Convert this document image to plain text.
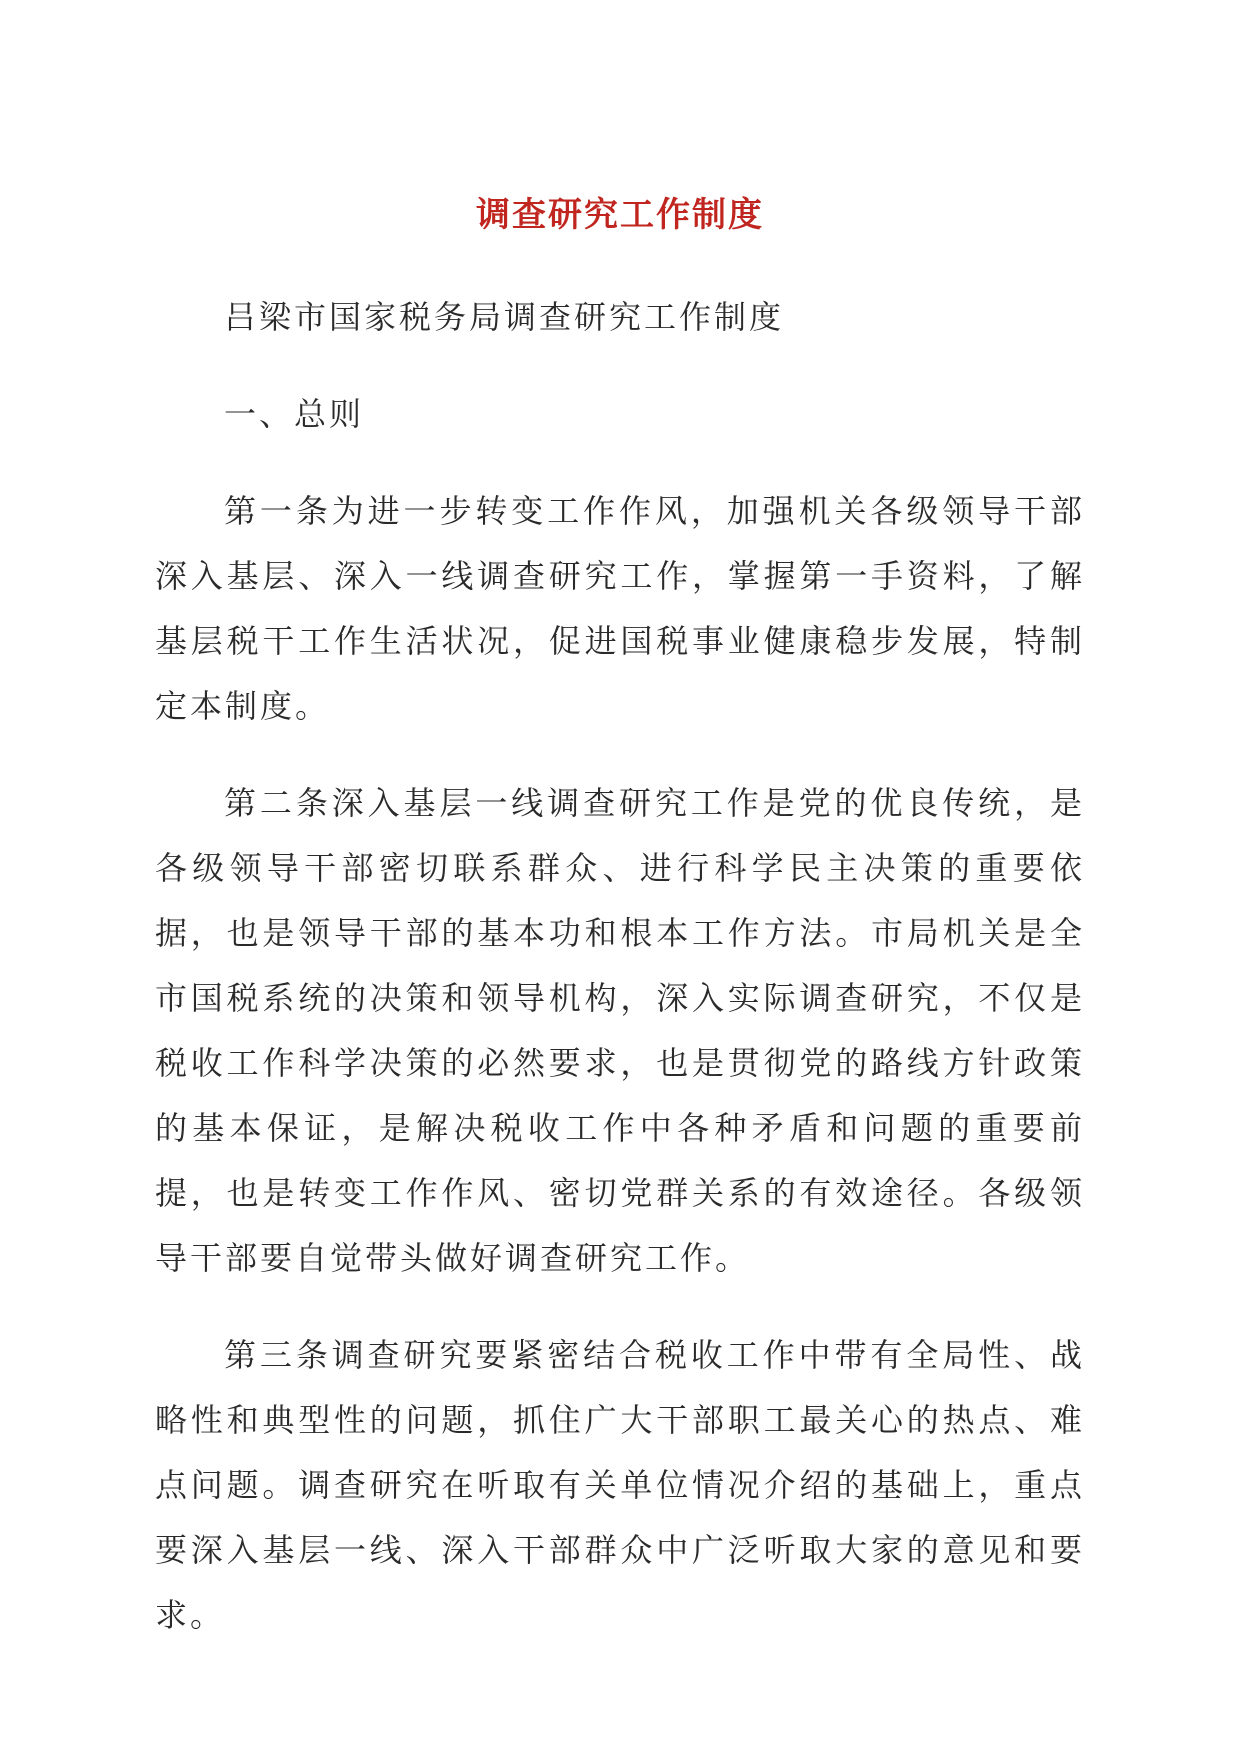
调查研究工作制度

吕梁市国家税务局调查研究工作制度

一、总则

第一条为进一步转变工作作风，加强机关各级领导干部深入基层、深入一线调查研究工作，掌握第一手资料，了解基层税干工作生活状况，促进国税事业健康稳步发展，特制定本制度。

第二条深入基层一线调查研究工作是党的优良传统，是各级领导干部密切联系群众、进行科学民主决策的重要依据，也是领导干部的基本功和根本工作方法。市局机关是全市国税系统的决策和领导机构，深入实际调查研究，不仅是税收工作科学决策的必然要求，也是贯彻党的路线方针政策的基本保证，是解决税收工作中各种矛盾和问题的重要前提，也是转变工作作风、密切党群关系的有效途径。各级领导干部要自觉带头做好调查研究工作。

第三条调查研究要紧密结合税收工作中带有全局性、战略性和典型性的问题，抓住广大干部职工最关心的热点、难点问题。调查研究在听取有关单位情况介绍的基础上，重点要深入基层一线、深入干部群众中广泛听取大家的意见和要求。
